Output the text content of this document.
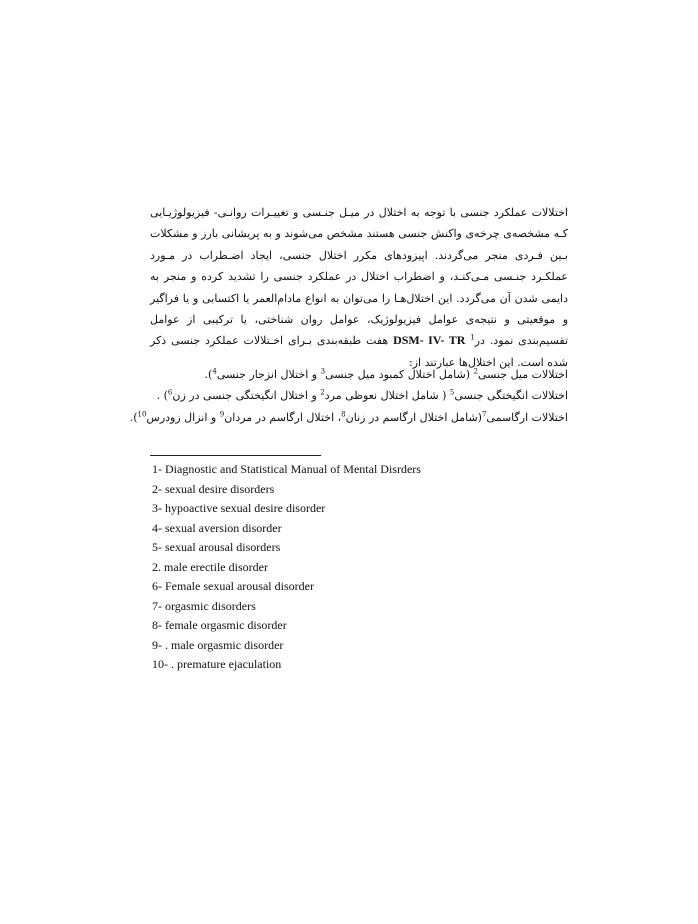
اختلالات عملکرد جنسی با توجه به اختلال در میـل جنـسی و تغییـرات روانـی- فیزیولوژیـایی کـه مشخصه‌ی چرخه‌ی واکنش جنسی هستند مشخص می‌شوند و به پریشانی بارز و مشکلات بـین فـردی منجر می‌گردند. اپیزودهای مکرر اختلال جنسی، ایجاد اضـطراب در مـورد عملکـرد جنـسی مـی‌کنـد، و اضطراب اختلال در عملکرد جنسی را تشدید کرده و منجر به دایمی شدن آن می‌گردد. این اختلال‌هـا را می‌توان به انواع مادام‌العمر یا اکتسابی و یا فراگیر و موقعیتی و نتیجه‌ی عوامل فیزیولوژیک، عوامل روان شناختی، یا ترکیبی از عوامل تقسیم‌بندی نمود. در$^1$ DSM- IV- TR هفت طبقه‌بندی بـرای اخـتلالات عملکرد جنسی ذکر شده است. این اختلال‌ها عبارتند از:

اختلالات میل جنسی$^2$ (شامل اختلال کمبود میل جنسی$^3$ و اختلال انزجار جنسی$^4$).
اختلالات انگیختگی جنسی$^5$ ( شامل اختلال نعوظی مرد$^2$ و اختلال انگیختگی جنسی در زن$^6$) .
اختلالات ارگاسمی$^7$(شامل اختلال ارگاسم در زنان$^8$، اختلال ارگاسم در مردان$^9$ و انزال زودرس$^{10}$).
1- Diagnostic and Statistical Manual of Mental Disrders
2- sexual desire disorders
3- hypoactive sexual desire disorder
4- sexual aversion disorder
5- sexual arousal disorders
2. male erectile disorder
6- Female sexual arousal disorder
7- orgasmic disorders
8- female orgasmic disorder
9- . male orgasmic disorder
10- . premature ejaculation
